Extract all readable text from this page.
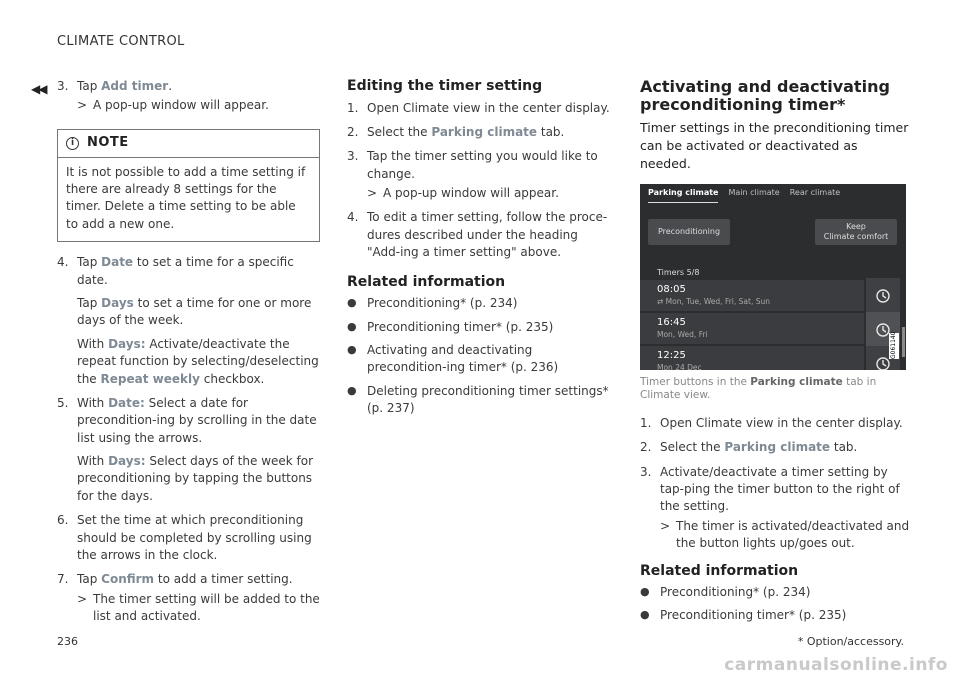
CLIMATE CONTROL
◀◀ 3. Tap Add timer.
> A pop-up window will appear.
i NOTE
It is not possible to add a time setting if there are already 8 settings for the timer. Delete a time setting to be able to add a new one.
4. Tap Date to set a time for a specific date.
Tap Days to set a time for one or more days of the week.
With Days: Activate/deactivate the repeat function by selecting/deselecting the Repeat weekly checkbox.
5. With Date: Select a date for precondition-ing by scrolling in the date list using the arrows.
With Days: Select days of the week for preconditioning by tapping the buttons for the days.
6. Set the time at which preconditioning should be completed by scrolling using the arrows in the clock.
7. Tap Confirm to add a timer setting.
> The timer setting will be added to the list and activated.
Editing the timer setting
1. Open Climate view in the center display.
2. Select the Parking climate tab.
3. Tap the timer setting you would like to change.
> A pop-up window will appear.
4. To edit a timer setting, follow the proce-dures described under the heading "Add-ing a timer setting" above.
Related information
● Preconditioning* (p. 234)
● Preconditioning timer* (p. 235)
● Activating and deactivating precondition-ing timer* (p. 236)
● Deleting preconditioning timer settings* (p. 237)
Activating and deactivating preconditioning timer*
Timer settings in the preconditioning timer can be activated or deactivated as needed.
Parking climate Main climate Rear climate
Preconditioning
Keep
Climate comfort
Timers 5/8
08:05
⇄ Mon, Tue, Wed, Fri, Sat, Sun
16:45
Mon, Wed, Fri
12:25
Mon 24 Dec
G061140
Timer buttons in the Parking climate tab in Climate view.
1. Open Climate view in the center display.
2. Select the Parking climate tab.
3. Activate/deactivate a timer setting by tap-ping the timer button to the right of the setting.
> The timer is activated/deactivated and the button lights up/goes out.
Related information
● Preconditioning* (p. 234)
● Preconditioning timer* (p. 235)
236	* Option/accessory.
carmanualsonline.info
